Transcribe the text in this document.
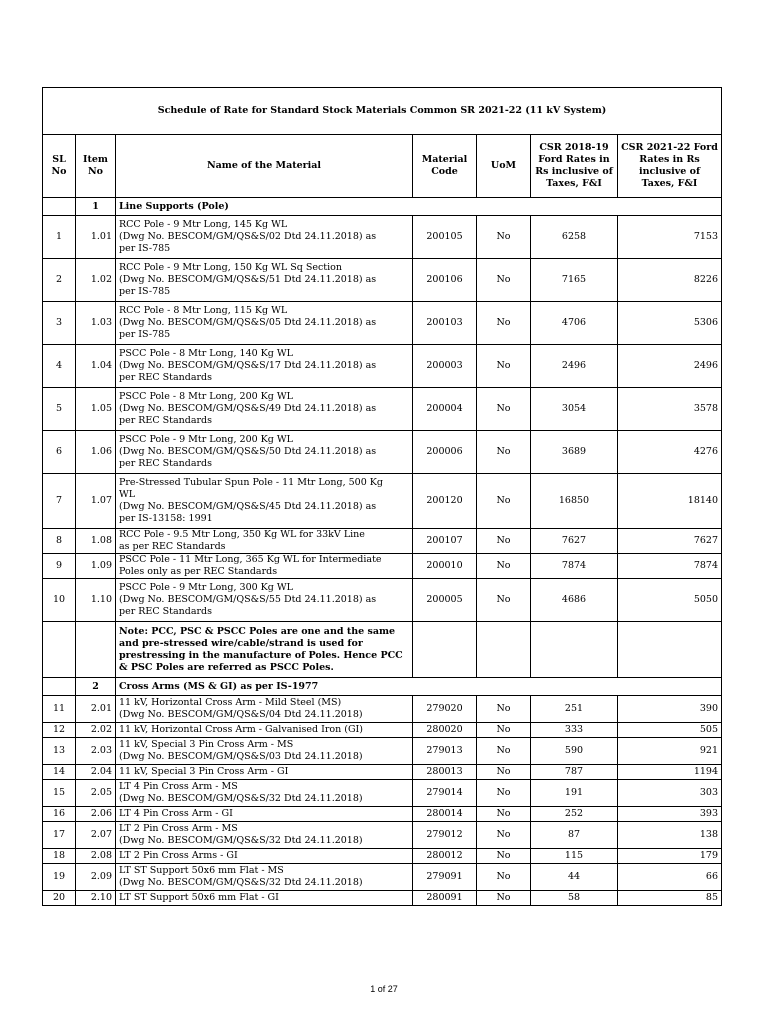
Schedule of Rate for Standard Stock Materials Common SR 2021-22 (11 kV System)						
SL No	Item No	Name of the Material	Material Code	UoM	CSR 2018-19 Ford Rates in Rs inclusive of Taxes, F&I	CSR 2021-22 Ford Rates in Rs inclusive of Taxes, F&I
	1	Line Supports (Pole)				
1	1.01	RCC Pole - 9 Mtr Long, 145 Kg WL
(Dwg No. BESCOM/GM/QS&S/02 Dtd 24.11.2018) as
per IS-785	200105	No	6258	7153
2	1.02	RCC Pole - 9 Mtr Long, 150 Kg WL Sq Section
(Dwg No. BESCOM/GM/QS&S/51 Dtd 24.11.2018) as
per IS-785	200106	No	7165	8226
3	1.03	RCC Pole - 8 Mtr Long, 115 Kg WL
(Dwg No. BESCOM/GM/QS&S/05 Dtd 24.11.2018) as
per IS-785	200103	No	4706	5306
4	1.04	PSCC Pole - 8 Mtr Long, 140 Kg WL
(Dwg No. BESCOM/GM/QS&S/17 Dtd 24.11.2018) as
per REC Standards	200003	No	2496	2496
5	1.05	PSCC Pole - 8 Mtr Long, 200 Kg WL
(Dwg No. BESCOM/GM/QS&S/49 Dtd 24.11.2018) as
per REC Standards	200004	No	3054	3578
6	1.06	PSCC Pole - 9 Mtr Long, 200 Kg WL
(Dwg No. BESCOM/GM/QS&S/50 Dtd 24.11.2018) as
per REC Standards	200006	No	3689	4276
7	1.07	Pre-Stressed Tubular Spun Pole - 11 Mtr Long, 500 Kg
WL
(Dwg No. BESCOM/GM/QS&S/45 Dtd 24.11.2018) as
per IS-13158: 1991	200120	No	16850	18140
8	1.08	RCC Pole - 9.5 Mtr Long, 350 Kg WL for 33kV Line
as per REC Standards	200107	No	7627	7627
9	1.09	PSCC Pole - 11 Mtr Long, 365 Kg WL for Intermediate
Poles only as per REC Standards	200010	No	7874	7874
10	1.10	PSCC Pole - 9 Mtr Long, 300 Kg WL
(Dwg No. BESCOM/GM/QS&S/55 Dtd 24.11.2018) as
per REC Standards	200005	No	4686	5050

		Note: PCC, PSC & PSCC Poles are one and the same
and pre-stressed wire/cable/strand is used for
prestressing in the manufacture of Poles. Hence PCC
& PSC Poles are referred as PSCC Poles.				

	2	Cross Arms (MS & GI) as per IS-1977				
11	2.01	11 kV, Horizontal Cross Arm - Mild Steel (MS)
(Dwg No. BESCOM/GM/QS&S/04 Dtd 24.11.2018)	279020	No	251	390
12	2.02	11 kV, Horizontal Cross Arm - Galvanised Iron (GI)	280020	No	333	505
13	2.03	11 kV, Special 3 Pin Cross Arm - MS
(Dwg No. BESCOM/GM/QS&S/03 Dtd 24.11.2018)	279013	No	590	921
14	2.04	11 kV, Special 3 Pin Cross Arm - GI	280013	No	787	1194
15	2.05	LT 4 Pin Cross Arm - MS
(Dwg No. BESCOM/GM/QS&S/32 Dtd 24.11.2018)	279014	No	191	303
16	2.06	LT 4 Pin Cross Arm - GI	280014	No	252	393
17	2.07	LT 2 Pin Cross Arm - MS
(Dwg No. BESCOM/GM/QS&S/32 Dtd 24.11.2018)	279012	No	87	138
18	2.08	LT 2 Pin Cross Arms - GI	280012	No	115	179
19	2.09	LT ST Support 50x6 mm Flat - MS
(Dwg No. BESCOM/GM/QS&S/32 Dtd 24.11.2018)	279091	No	44	66
20	2.10	LT ST Support 50x6 mm Flat - GI	280091	No	58	85
1 of 27
